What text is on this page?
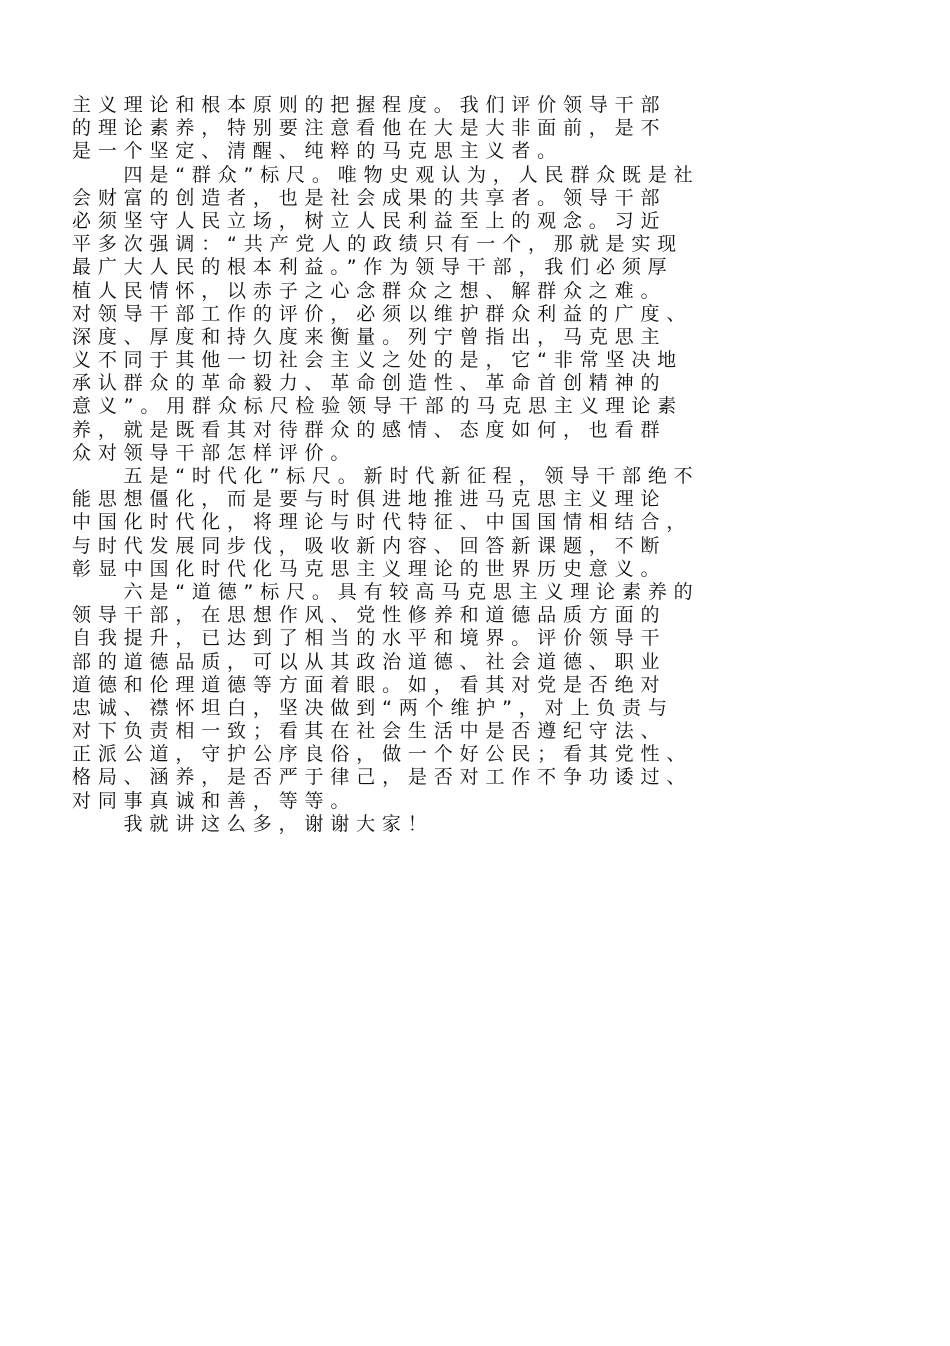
主义理论和根本原则的把握程度。我们评价领导干部
的理论素养，特别要注意看他在大是大非面前，是不
是一个坚定、清醒、纯粹的马克思主义者。
四是“群众”标尺。唯物史观认为，人民群众既是社
会财富的创造者，也是社会成果的共享者。领导干部
必须坚守人民立场，树立人民利益至上的观念。习近
平多次强调：“共产党人的政绩只有一个，那就是实现
最广大人民的根本利益。”作为领导干部，我们必须厚
植人民情怀，以赤子之心念群众之想、解群众之难。
对领导干部工作的评价，必须以维护群众利益的广度、
深度、厚度和持久度来衡量。列宁曾指出，马克思主
义不同于其他一切社会主义之处的是，它“非常坚决地
承认群众的革命毅力、革命创造性、革命首创精神的
意义”。用群众标尺检验领导干部的马克思主义理论素
养，就是既看其对待群众的感情、态度如何，也看群
众对领导干部怎样评价。
五是“时代化”标尺。新时代新征程，领导干部绝不
能思想僵化，而是要与时俱进地推进马克思主义理论
中国化时代化，将理论与时代特征、中国国情相结合，
与时代发展同步伐，吸收新内容、回答新课题，不断
彰显中国化时代化马克思主义理论的世界历史意义。
六是“道德”标尺。具有较高马克思主义理论素养的
领导干部，在思想作风、党性修养和道德品质方面的
自我提升，已达到了相当的水平和境界。评价领导干
部的道德品质，可以从其政治道德、社会道德、职业
道德和伦理道德等方面着眼。如，看其对党是否绝对
忠诚、襟怀坦白，坚决做到“两个维护”，对上负责与
对下负责相一致；看其在社会生活中是否遵纪守法、
正派公道，守护公序良俗，做一个好公民；看其党性、
格局、涵养，是否严于律己，是否对工作不争功诿过、
对同事真诚和善，等等。
我就讲这么多，谢谢大家！
